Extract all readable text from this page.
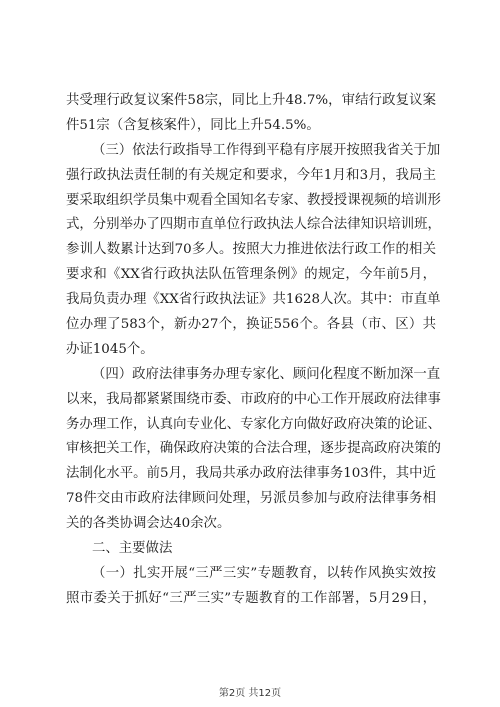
共受理行政复议案件58宗，同比上升48.7%，审结行政复议案
件51宗（含复核案件），同比上升54.5%。
（三）依法行政指导工作得到平稳有序展开按照我省关于加
强行政执法责任制的有关规定和要求，今年1月和3月，我局主
要采取组织学员集中观看全国知名专家、教授授课视频的培训形
式，分别举办了四期市直单位行政执法人综合法律知识培训班，
参训人数累计达到70多人。按照大力推进依法行政工作的相关
要求和《XX省行政执法队伍管理条例》的规定，今年前5月，
我局负责办理《XX省行政执法证》共1628人次。其中：市直单
位办理了583个，新办27个，换证556个。各县（市、区）共
办证1045个。
（四）政府法律事务办理专家化、顾问化程度不断加深一直
以来，我局都紧紧围绕市委、市政府的中心工作开展政府法律事
务办理工作，认真向专业化、专家化方向做好政府决策的论证、
审核把关工作，确保政府决策的合法合理，逐步提高政府决策的
法制化水平。前5月，我局共承办政府法律事务103件，其中近
78件交由市政府法律顾问处理，另派员参加与政府法律事务相
关的各类协调会达40余次。
二、主要做法
（一）扎实开展“三严三实”专题教育，以转作风换实效按
照市委关于抓好“三严三实”专题教育的工作部署，5月29日，
第2页 共12页
